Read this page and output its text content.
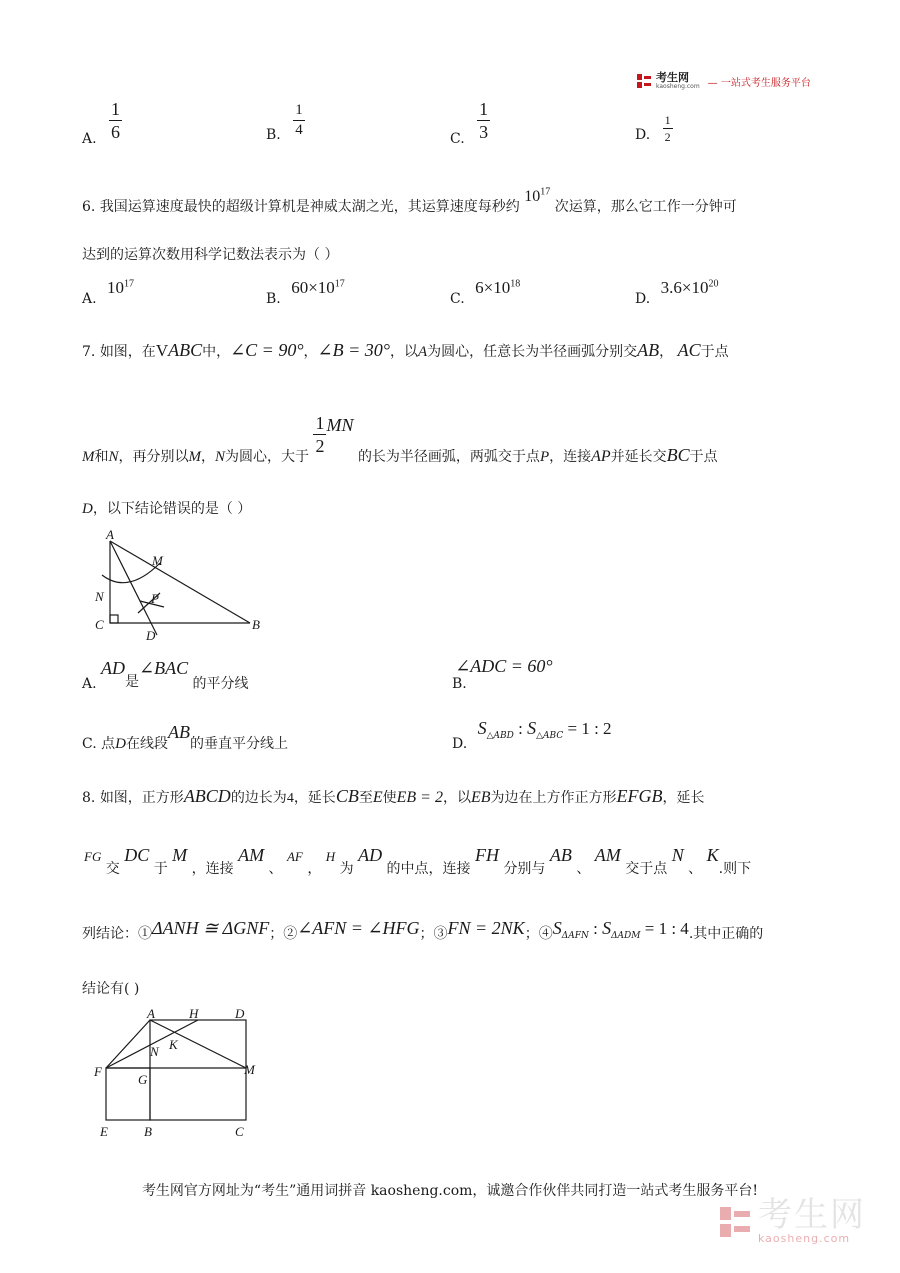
考生网
kaosheng.com — 一站式考生服务平台
A. $\frac{1}{6}$	B. $\frac{1}{4}$
C. $\frac{1}{3}$	D. $\frac{1}{2}$
6. 我国运算速度最快的超级计算机是神威太湖之光，其运算速度每秒约 $10^{17}$ 次运算，那么它工作一分钟可
达到的运算次数用科学记数法表示为（ ）
A. $10^{17}$
B. $60\times 10^{17}$
C. $6\times 10^{18}$
D. $3.6\times 10^{20}$
7. 如图，在VABC中，∠C = 90°，∠B = 30°，以A为圆心，任意长为半径画弧分别交AB， AC于点
M和N，再分别以M，N为圆心，大于
$\frac{1}{2}$ MN 的长为半径画弧，两弧交于点P，连接AP并延长交BC于点
D，以下结论错误的是（ ）
A
M
N	P
C
D
B
A. AD是∠BAC 的平分线	B. ∠ADC = 60°
C. 点D在线段AB的垂直平分线上	D. $S_{\triangle ABD}$ : $S_{\triangle ABC} = 1$ : 2
8. 如图，正方形ABCD的边长为4，延长CB至E使EB = 2，以EB为边在上方作正方形EFGB，延长
FG 交 DC 于 M ，连接 AM 、 AF ， H 为 AD 的中点，连接 FH 分别与 AB 、 AM 交于点 N 、 K.则下
列结论：①ΔANH ≅ ΔGNF；②∠AFN = ∠HFG；③FN = 2NK；$④S_{\Delta AFN}$ : $S_{\Delta ADM} = 1$ : 4.其中正确的
结论有( )
A	H	D
N K
F
G
M
E	B	C
考生网官方网址为“考生”通用词拼音 kaosheng.com，诚邀合作伙伴共同打造一站式考生服务平台!
考生网
kaosheng.com
